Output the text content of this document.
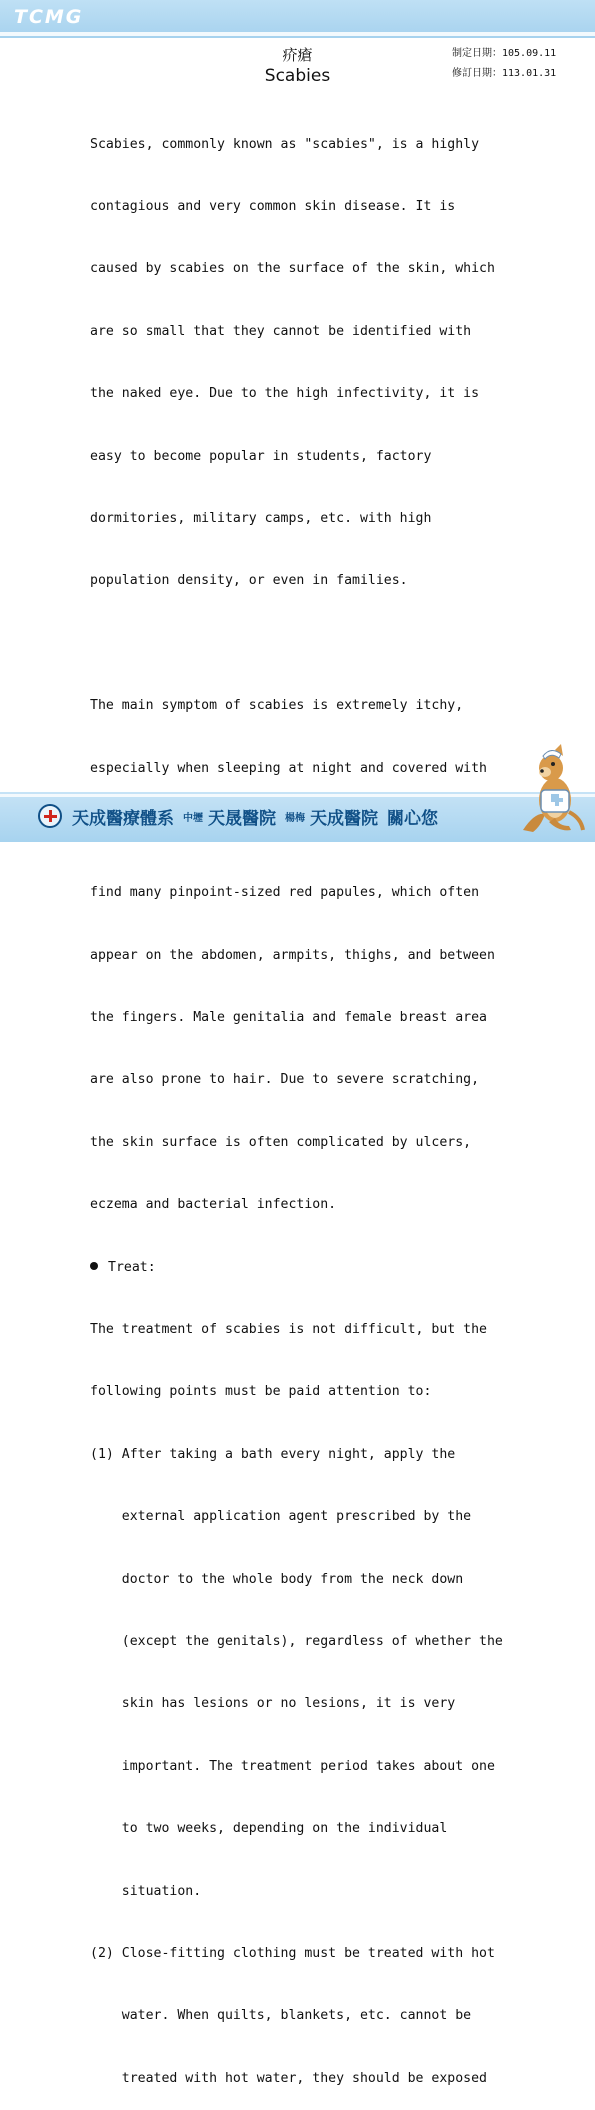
TCMG
疥瘡
Scabies
制定日期：105.09.11
修訂日期：113.01.31

Scabies, commonly known as "scabies", is a highly

contagious and very common skin disease. It is

caused by scabies on the surface of the skin, which

are so small that they cannot be identified with

the naked eye. Due to the high infectivity, it is

easy to become popular in students, factory

dormitories, military camps, etc. with high

population density, or even in families.

The main symptom of scabies is extremely itchy,

especially when sleeping at night and covered with

find many pinpoint-sized red papules, which often

appear on the abdomen, armpits, thighs, and between

the fingers. Male genitalia and female breast area

are also prone to hair. Due to severe scratching,

the skin surface is often complicated by ulcers,

eczema and bacterial infection.

Treat:

The treatment of scabies is not difficult, but the

following points must be paid attention to:

(1) After taking a bath every night, apply the

external application agent prescribed by the

doctor to the whole body from the neck down

(except the genitals), regardless of whether the

skin has lesions or no lesions, it is very

important. The treatment period takes about one

to two weeks, depending on the individual

situation.

(2) Close-fitting clothing must be treated with hot

water. When quilts, blankets, etc. cannot be

treated with hot water, they should be exposed

天成醫療體系 中壢 天晟醫院 楊梅 天成醫院 關心您
